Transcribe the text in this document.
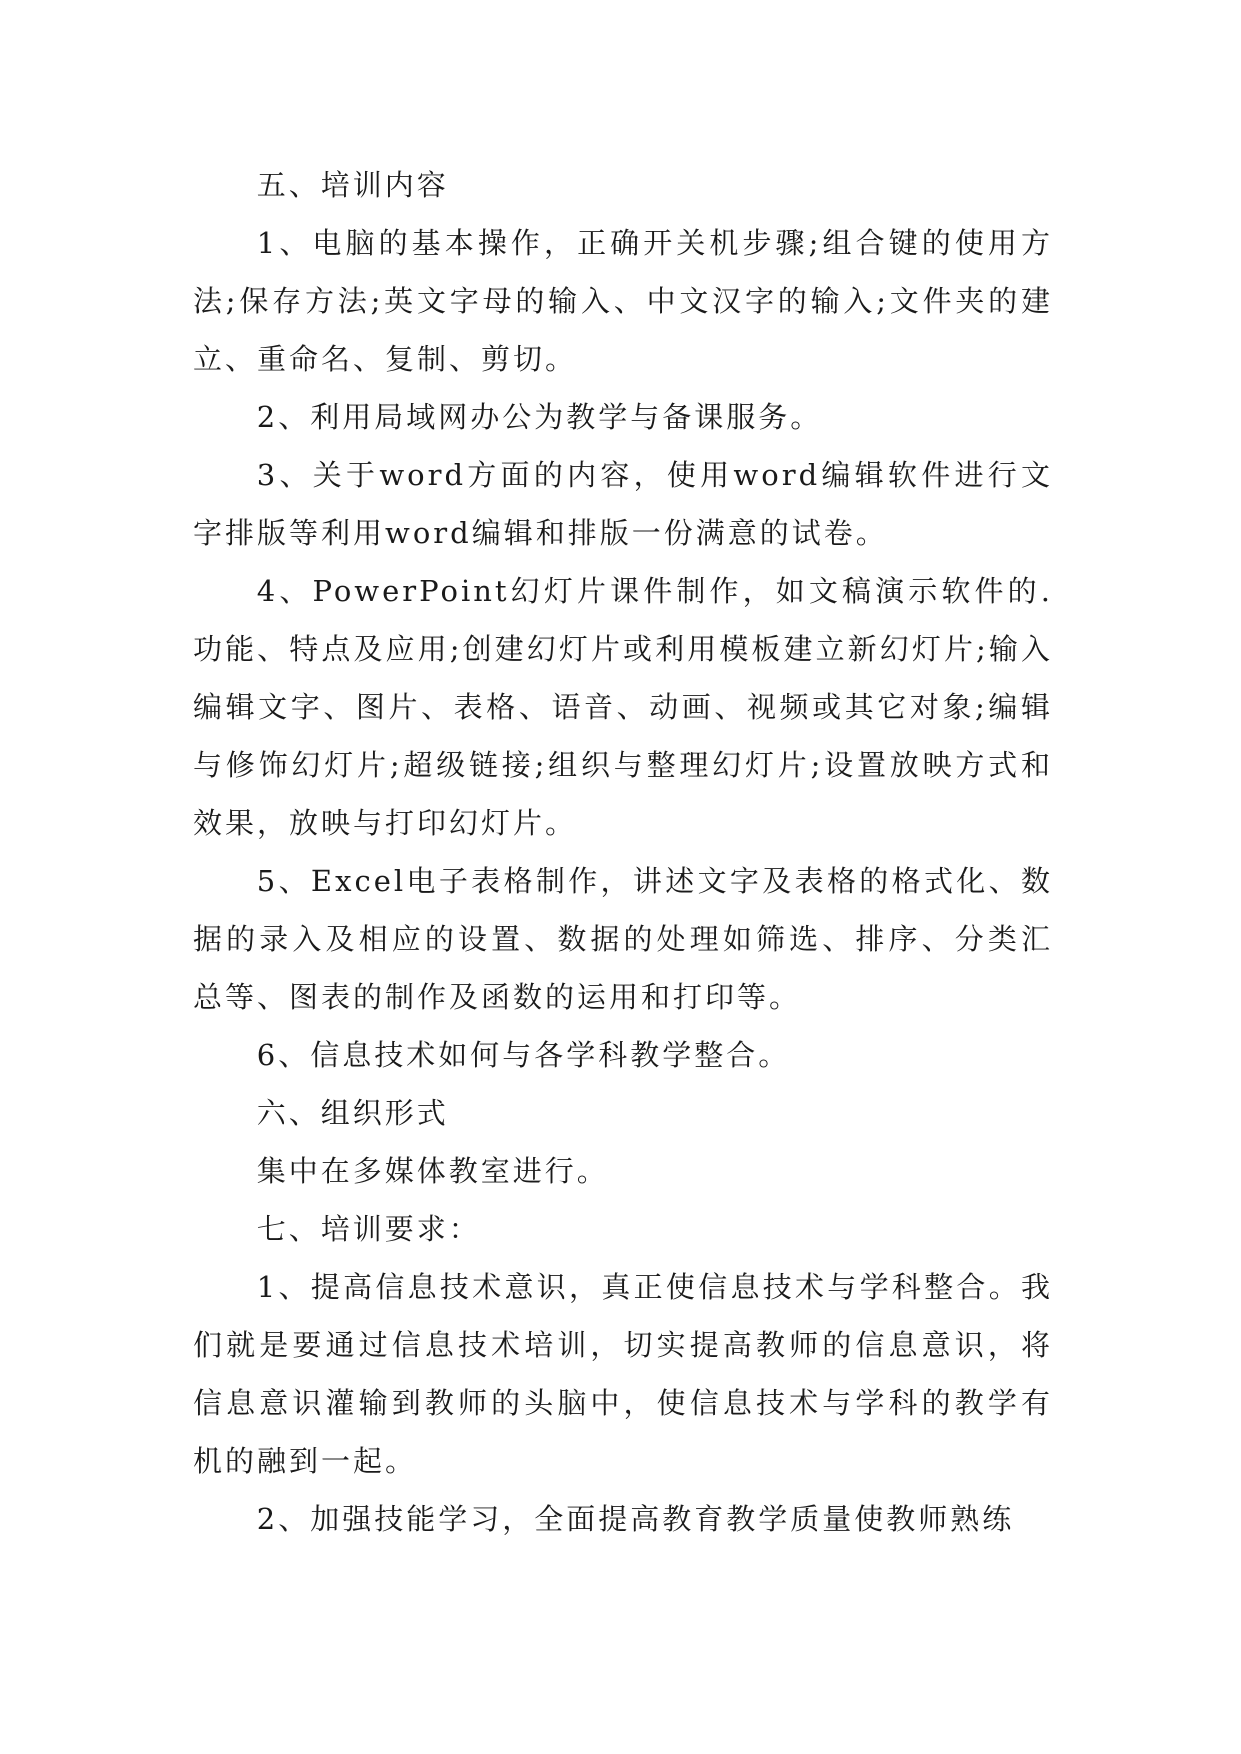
五、培训内容

1、电脑的基本操作，正确开关机步骤;组合键的使用方法;保存方法;英文字母的输入、中文汉字的输入;文件夹的建立、重命名、复制、剪切。

2、利用局域网办公为教学与备课服务。

3、关于word方面的内容，使用word编辑软件进行文字排版等利用word编辑和排版一份满意的试卷。

4、PowerPoint幻灯片课件制作，如文稿演示软件的.功能、特点及应用;创建幻灯片或利用模板建立新幻灯片;输入编辑文字、图片、表格、语音、动画、视频或其它对象;编辑与修饰幻灯片;超级链接;组织与整理幻灯片;设置放映方式和效果，放映与打印幻灯片。

5、Excel电子表格制作，讲述文字及表格的格式化、数据的录入及相应的设置、数据的处理如筛选、排序、分类汇总等、图表的制作及函数的运用和打印等。

6、信息技术如何与各学科教学整合。

六、组织形式

集中在多媒体教室进行。

七、培训要求：

1、提高信息技术意识，真正使信息技术与学科整合。我们就是要通过信息技术培训，切实提高教师的信息意识，将信息意识灌输到教师的头脑中，使信息技术与学科的教学有机的融到一起。

2、加强技能学习，全面提高教育教学质量使教师熟练
